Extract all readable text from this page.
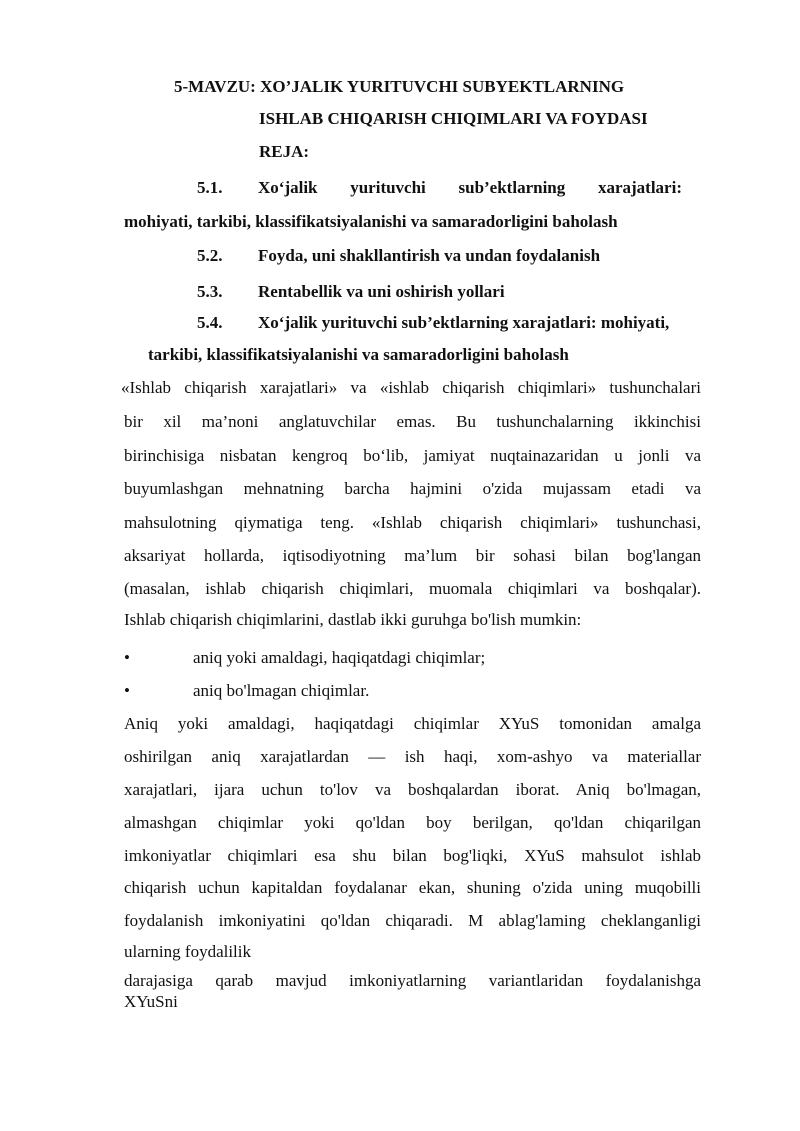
5-MAVZU: XO’JALIK YURITUVCHI SUBYEKTLARNING
ISHLAB CHIQARISH CHIQIMLARI VA FOYDASI
REJA:
5.1. Xo‘jalik yurituvchi sub’ektlarning xarajatlari:
mohiyati, tarkibi, klassifikatsiyalanishi va samaradorligini baholash
5.2. Foyda, uni shakllantirish va undan foydalanish
5.3. Rentabellik va uni oshirish yollari
5.4. Xo‘jalik yurituvchi sub’ektlarning xarajatlari: mohiyati,
tarkibi, klassifikatsiyalanishi va samaradorligini baholash
«Ishlab chiqarish xarajatlari» va «ishlab chiqarish chiqimlari» tushunchalari
bir xil ma’noni anglatuvchilar emas. Bu tushunchalarning ikkinchisi
birinchisiga nisbatan kengroq bo‘lib, jamiyat nuqtainazaridan u jonli va
buyumlashgan mehnatning barcha hajmini o'zida mujassam etadi va
mahsulotning qiymatiga teng. «Ishlab chiqarish chiqimlari» tushunchasi,
aksariyat hollarda, iqtisodiyotning ma’lum bir sohasi bilan bog'langan
(masalan, ishlab chiqarish chiqimlari, muomala chiqimlari va boshqalar).
Ishlab chiqarish chiqimlarini, dastlab ikki guruhga bo'lish mumkin:
•	aniq yoki amaldagi, haqiqatdagi chiqimlar;
•	aniq bo'lmagan chiqimlar.
Aniq yoki amaldagi, haqiqatdagi chiqimlar XYuS tomonidan amalga
oshirilgan aniq xarajatlardan — ish haqi, xom-ashyo va materiallar
xarajatlari, ijara uchun to'lov va boshqalardan iborat. Aniq bo'lmagan,
almashgan chiqimlar yoki qo'ldan boy berilgan, qo'ldan chiqarilgan
imkoniyatlar chiqimlari esa shu bilan bog'liqki, XYuS mahsulot ishlab
chiqarish uchun kapitaldan foydalanar ekan, shuning o'zida uning muqobilli
foydalanish imkoniyatini qo'ldan chiqaradi. M ablag'laming cheklanganligi
ularning foydalilik
darajasiga qarab mavjud imkoniyatlarning variantlaridan foydalanishga
XYuSni
